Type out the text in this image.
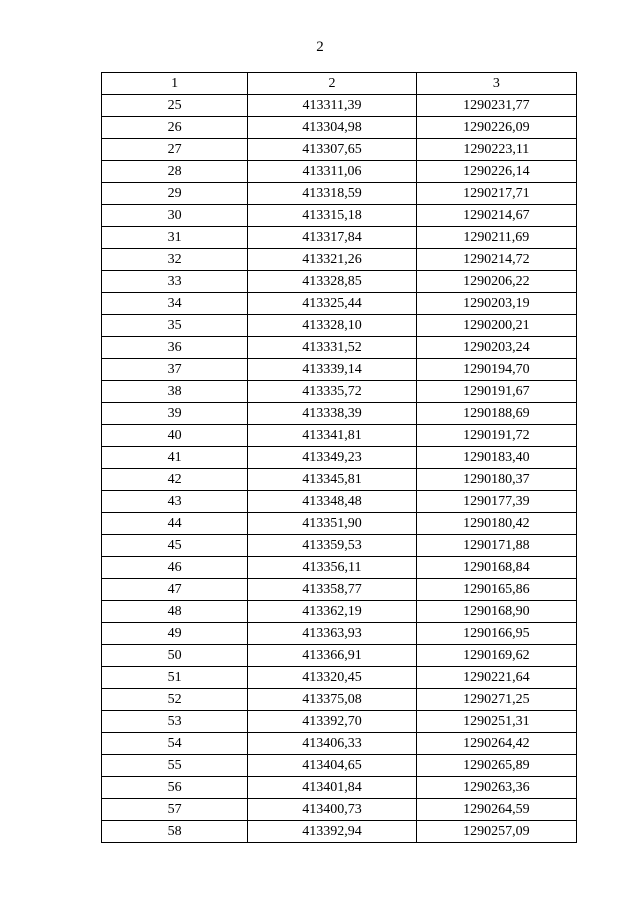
2
1	2	3
25	413311,39	1290231,77
26	413304,98	1290226,09
27	413307,65	1290223,11
28	413311,06	1290226,14
29	413318,59	1290217,71
30	413315,18	1290214,67
31	413317,84	1290211,69
32	413321,26	1290214,72
33	413328,85	1290206,22
34	413325,44	1290203,19
35	413328,10	1290200,21
36	413331,52	1290203,24
37	413339,14	1290194,70
38	413335,72	1290191,67
39	413338,39	1290188,69
40	413341,81	1290191,72
41	413349,23	1290183,40
42	413345,81	1290180,37
43	413348,48	1290177,39
44	413351,90	1290180,42
45	413359,53	1290171,88
46	413356,11	1290168,84
47	413358,77	1290165,86
48	413362,19	1290168,90
49	413363,93	1290166,95
50	413366,91	1290169,62
51	413320,45	1290221,64
52	413375,08	1290271,25
53	413392,70	1290251,31
54	413406,33	1290264,42
55	413404,65	1290265,89
56	413401,84	1290263,36
57	413400,73	1290264,59
58	413392,94	1290257,09
